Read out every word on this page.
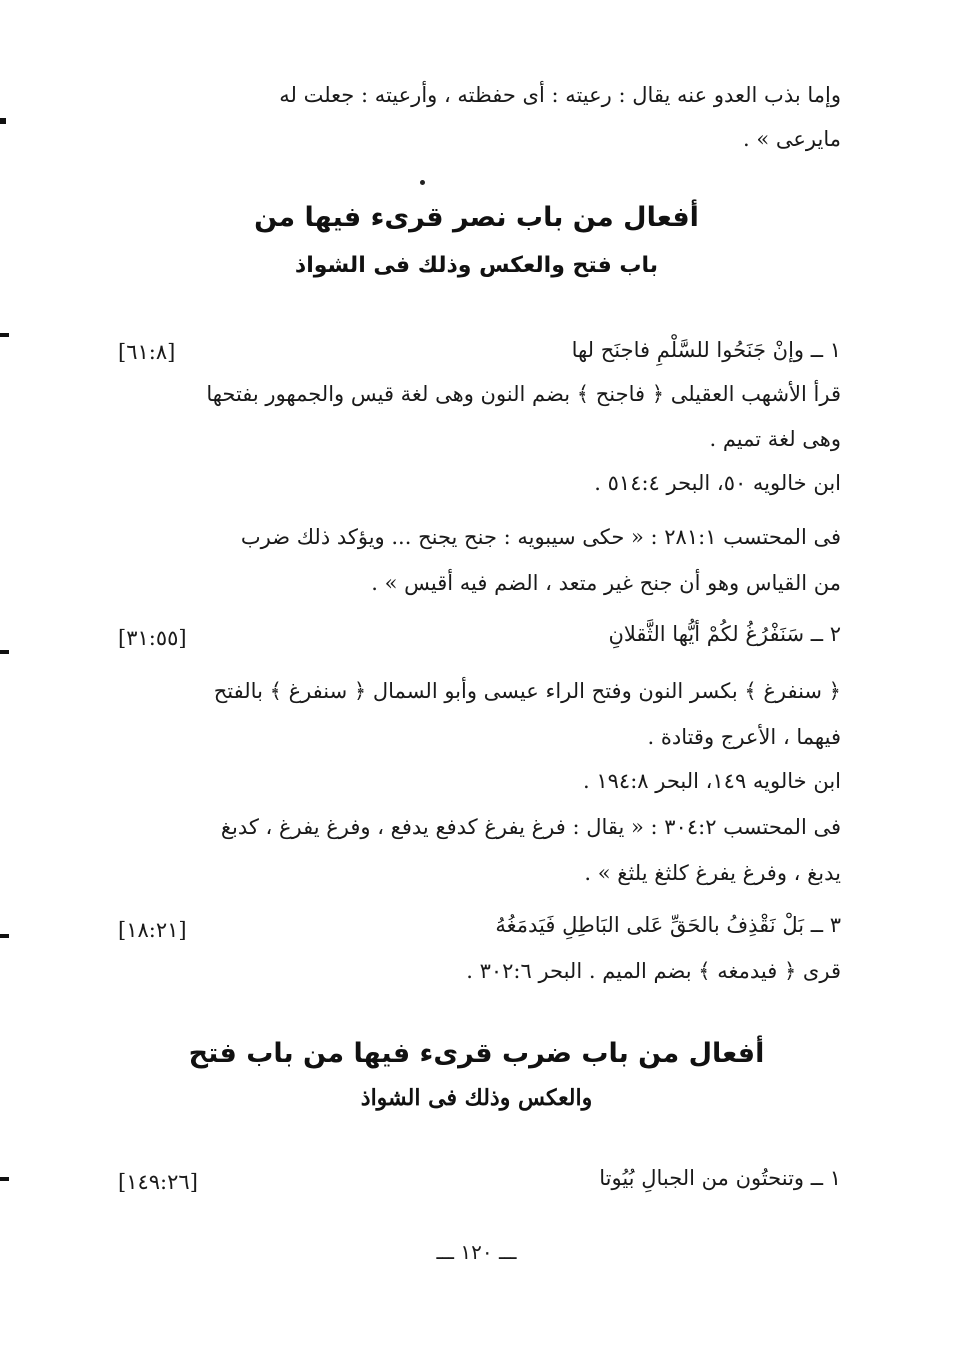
وإما بذب العدو عنه يقال : رعيته : أى حفظته ، وأرعيته : جعلت له
مايرعى » .
أفعال من باب نصر قرىء فيها من
باب فتح والعكس وذلك فى الشواذ
١ ــ وإنْ جَنَحُوا للسَّلْمِ فاجنَح لها
[٦١:٨]
قرأ الأشهب العقيلى ﴿ فاجنح ﴾ بضم النون وهى لغة قيس والجمهور بفتحها
وهى لغة تميم .
ابن خالويه ٥٠، البحر ٥١٤:٤ .
فى المحتسب ٢٨١:١ : « حكى سيبويه : جنح يجنح ... ويؤكد ذلك ضرب
من القياس وهو أن جنح غير متعد ، الضم فيه أقيس » .
٢ ــ سَنَفْرُغُ لكُمْ أيُّها الثَّقلانِ
[٣١:٥٥]
﴿ سنفرغ ﴾ بكسر النون وفتح الراء عيسى وأبو السمال ﴿ سنفرغ ﴾ بالفتح
فيهما ، الأعرج وقتادة .
ابن خالويه ١٤٩، البحر ١٩٤:٨ .
فى المحتسب ٣٠٤:٢ : « يقال : فرغ يفرغ كدفع يدفع ، وفرغ يفرغ ، كدبغ
يدبغ ، وفرغ يفرغ كلثغ يلثغ » .
٣ ــ بَلْ نَقْذِفُ بالحَقِّ عَلى البَاطِلِ فَيَدمَغُهُ
[١٨:٢١]
قرى ﴿ فيدمغه ﴾ بضم الميم . البحر ٣٠٢:٦ .
أفعال من باب ضرب قرىء فيها من باب فتح
والعكس وذلك فى الشواذ
١ ــ وتنحتُون من الجبالِ بُيُوتا
[١٤٩:٢٦]
ـــ ١٢٠ ـــ
